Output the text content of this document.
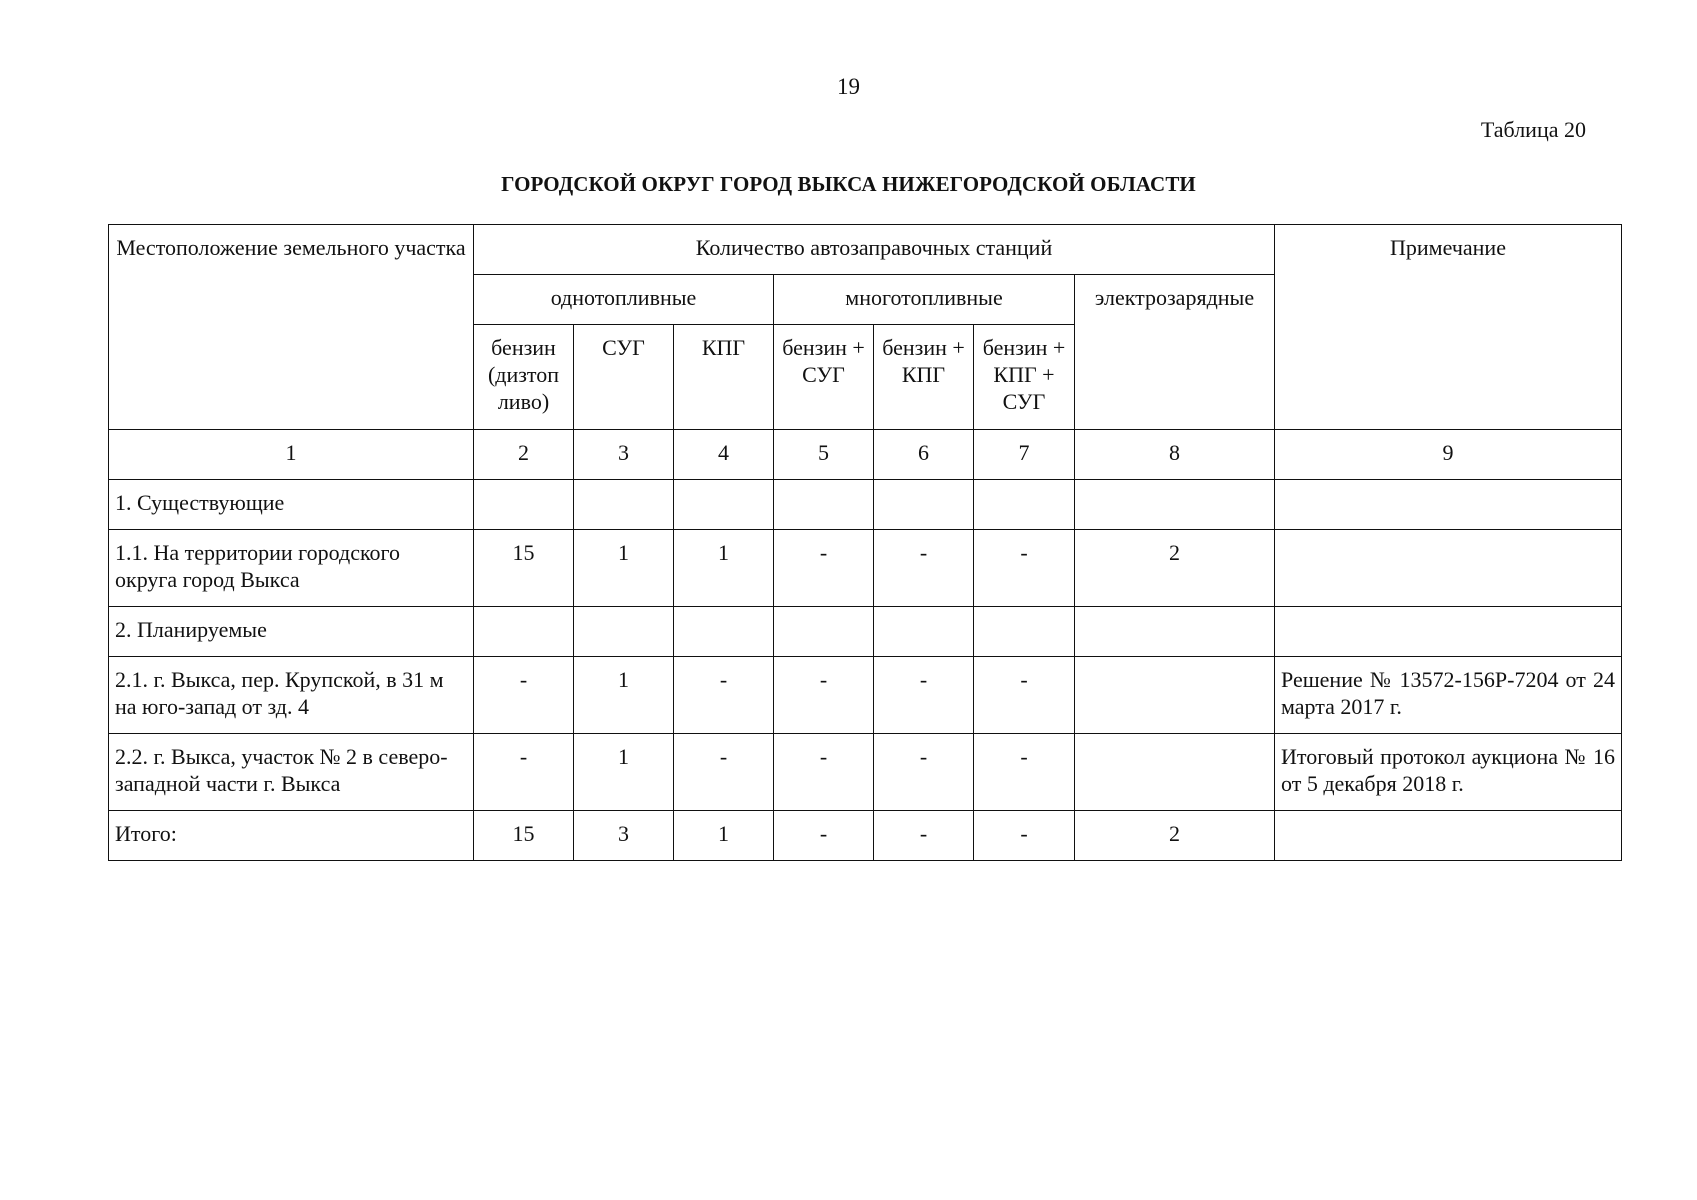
19
Таблица 20
ГОРОДСКОЙ ОКРУГ ГОРОД ВЫКСА НИЖЕГОРОДСКОЙ ОБЛАСТИ
Местоположение земельного участка	Количество автозаправочных станций							Примечание
	однотопливные			многотопливные			электрозарядные	
	бензин (дизтоп ливо)	СУГ	КПГ	бензин + СУГ	бензин + КПГ	бензин + КПГ + СУГ		
1	2	3	4	5	6	7	8	9
1. Существующие								
1.1. На территории городского округа город Выкса	15	1	1	-	-	-	2	
2. Планируемые								
2.1. г. Выкса, пер. Крупской, в 31 м на юго-запад от зд. 4	-	1	-	-	-	-		Решение № 13572-156Р-7204 от 24 марта 2017 г.
2.2. г. Выкса, участок № 2 в северо-западной части г. Выкса	-	1	-	-	-	-		Итоговый протокол аукциона № 16 от 5 декабря 2018 г.
Итого:	15	3	1	-	-	-	2	
